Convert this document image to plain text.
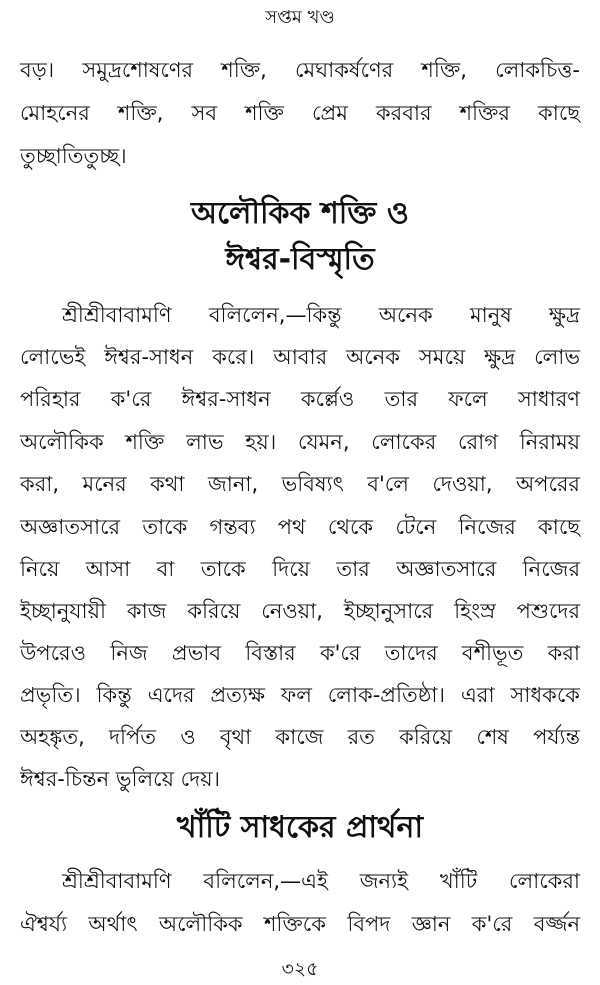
সপ্তম খণ্ড
বড়। সমুদ্রশোষণের শক্তি, মেঘাকর্ষণের শক্তি, লোকচিত্ত-
মোহনের শক্তি, সব শক্তি প্রেম করবার শক্তির কাছে
তুচ্ছাতিতুচ্ছ।
অলৌকিক শক্তি ও
ঈশ্বর-বিস্মৃতি
শ্রীশ্রীবাবামণি বলিলেন,—কিন্তু অনেক মানুষ ক্ষুদ্র
লোভেই ঈশ্বর-সাধন করে। আবার অনেক সময়ে ক্ষুদ্র লোভ
পরিহার ক'রে ঈশ্বর-সাধন কর্ল্লেও তার ফলে সাধারণ
অলৌকিক শক্তি লাভ হয়। যেমন, লোকের রোগ নিরাময়
করা, মনের কথা জানা, ভবিষ্যৎ ব'লে দেওয়া, অপরের
অজ্ঞাতসারে তাকে গন্তব্য পথ থেকে টেনে নিজের কাছে
নিয়ে আসা বা তাকে দিয়ে তার অজ্ঞাতসারে নিজের
ইচ্ছানুযায়ী কাজ করিয়ে নেওয়া, ইচ্ছানুসারে হিংস্র পশুদের
উপরেও নিজ প্রভাব বিস্তার ক'রে তাদের বশীভূত করা
প্রভৃতি। কিন্তু এদের প্রত্যক্ষ ফল লোক-প্রতিষ্ঠা। এরা সাধককে
অহঙ্কৃত, দর্পিত ও বৃথা কাজে রত করিয়ে শেষ পর্য্যন্ত
ঈশ্বর-চিন্তন ভুলিয়ে দেয়।
খাঁটি সাধকের প্রার্থনা
শ্রীশ্রীবাবামণি বলিলেন,—এই জন্যই খাঁটি লোকেরা
ঐশ্বর্য্য অর্থাৎ অলৌকিক শক্তিকে বিপদ জ্ঞান ক'রে বর্জ্জন
৩২৫
